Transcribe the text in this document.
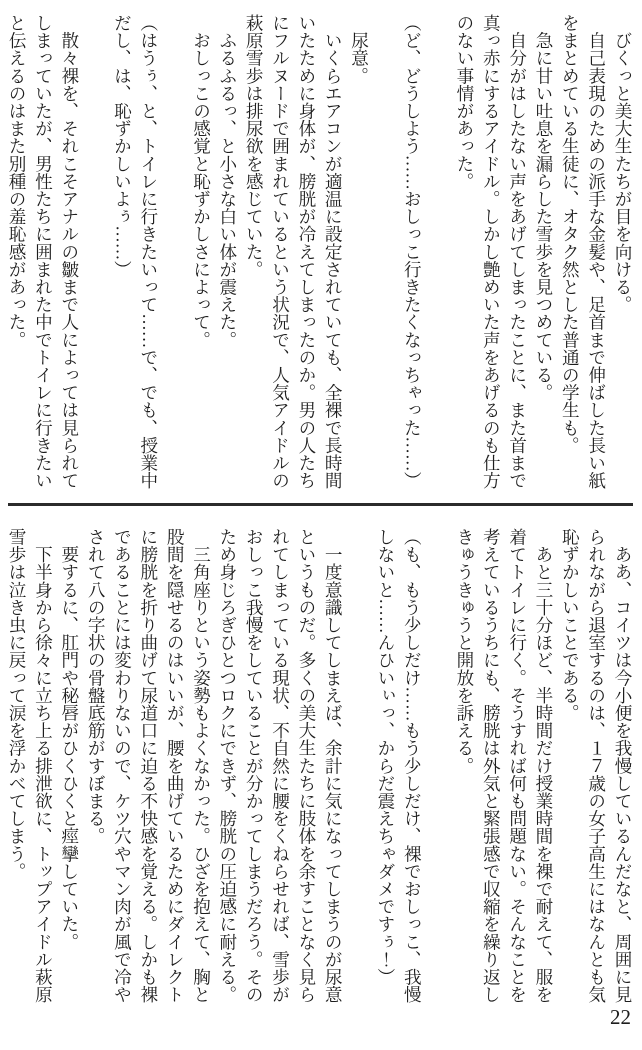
　びくっと美大生たちが目を向ける。
　自己表現のための派手な金髪や、足首まで伸ばした長い紙
をまとめている生徒に、オタク然とした普通の学生も。
　急に甘い吐息を漏らした雪歩を見つめている。
　自分がはしたない声をあげてしまったことに、また首まで
真っ赤にするアイドル。しかし艶めいた声をあげるのも仕方
のない事情があった。
（ど、どうしよう……おしっこ行きたくなっちゃった……）
　尿意。
　いくらエアコンが適温に設定されていても、全裸で長時間
いたために身体が、膀胱が冷えてしまったのか。男の人たち
にフルヌードで囲まれているという状況で、人気アイドルの
萩原雪歩は排尿欲を感じていた。
　ふるふるっ、と小さな白い体が震えた。
　おしっこの感覚と恥ずかしさによって。
（はうぅ、と、トイレに行きたいって……で、でも、授業中
だし、は、恥ずかしいよぅ……）
　散々裸を、それこそアナルの皺まで人によっては見られて
しまっていたが、男性たちに囲まれた中でトイレに行きたい
と伝えるのはまた別種の羞恥感があった。
　ああ、コイツは今小便を我慢しているんだなと、周囲に見
られながら退室するのは、１７歳の女子高生にはなんとも気
恥ずかしいことである。
　あと三十分ほど、半時間だけ授業時間を裸で耐えて、服を
着てトイレに行く。そうすれば何も問題ない。そんなことを
考えているうちにも、膀胱は外気と緊張感で収縮を繰り返し
きゅうきゅうと開放を訴える。
（も、もう少しだけ……もう少しだけ、裸でおしっこ、我慢
しないと……んひいぃっ、からだ震えちゃダメですぅ！）
　一度意識してしまえば、余計に気になってしまうのが尿意
というものだ。多くの美大生たちに肢体を余すことなく見ら
れてしまっている現状、不自然に腰をくねらせれば、雪歩が
おしっこ我慢をしていることが分かってしまうだろう。その
ため身じろぎひとつロクにできず、膀胱の圧迫感に耐える。
　三角座りという姿勢もよくなかった。ひざを抱えて、胸と
股間を隠せるのはいいが、腰を曲げているためにダイレクト
に膀胱を折り曲げて尿道口に迫る不快感を覚える。しかも裸
であることには変わりないので、ケツ穴やマン肉が風で冷や
されて八の字状の骨盤底筋がすぼまる。
　要するに、肛門や秘唇がひくひくと痙攣していた。
　下半身から徐々に立ち上る排泄欲に、トップアイドル萩原
雪歩は泣き虫に戻って涙を浮かべてしまう。
22
